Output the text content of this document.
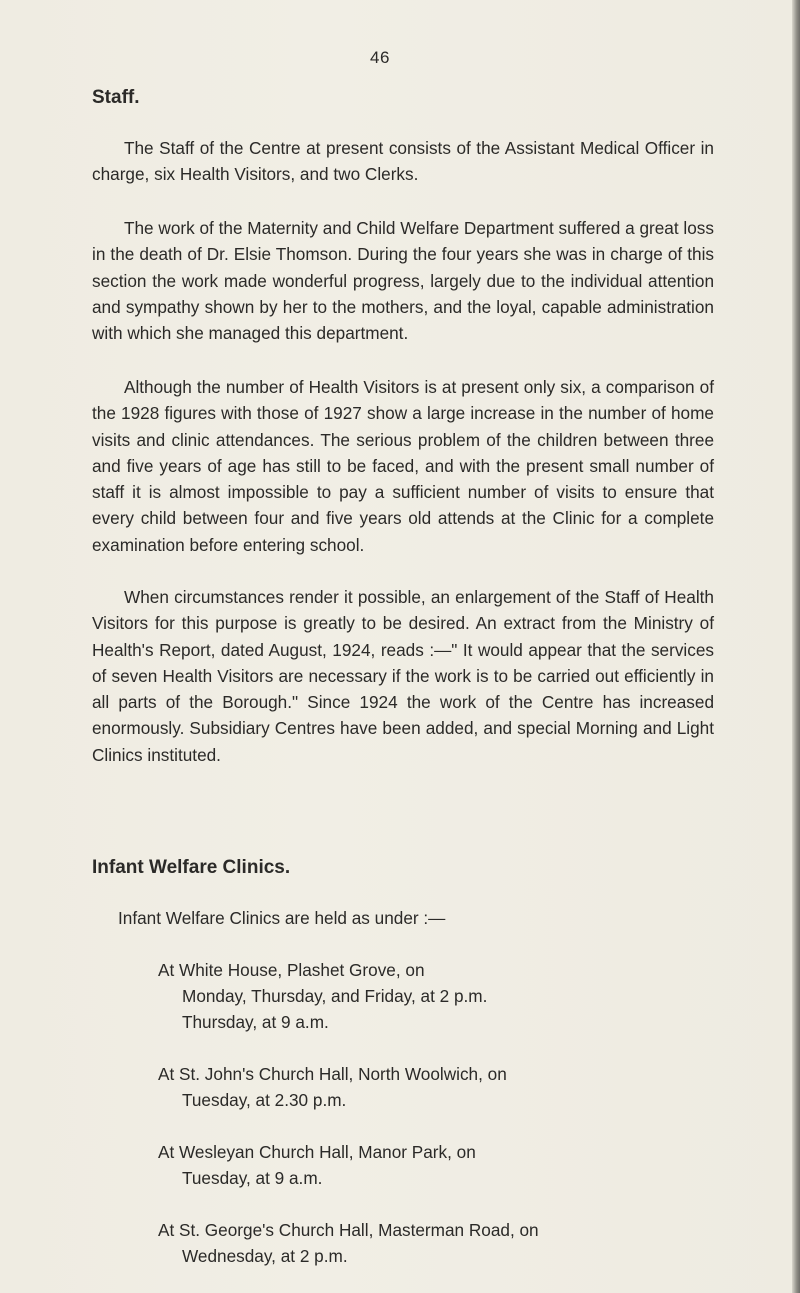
46
Staff.

The Staff of the Centre at present consists of the Assistant Medical Officer in charge, six Health Visitors, and two Clerks.

The work of the Maternity and Child Welfare Department suffered a great loss in the death of Dr. Elsie Thomson. During the four years she was in charge of this section the work made wonderful progress, largely due to the individual attention and sympathy shown by her to the mothers, and the loyal, capable administration with which she managed this department.

Although the number of Health Visitors is at present only six, a comparison of the 1928 figures with those of 1927 show a large increase in the number of home visits and clinic attendances. The serious problem of the children between three and five years of age has still to be faced, and with the present small number of staff it is almost impossible to pay a sufficient number of visits to ensure that every child between four and five years old attends at the Clinic for a complete examination before entering school.

When circumstances render it possible, an enlargement of the Staff of Health Visitors for this purpose is greatly to be desired. An extract from the Ministry of Health's Report, dated August, 1924, reads :—" It would appear that the services of seven Health Visitors are necessary if the work is to be carried out efficiently in all parts of the Borough." Since 1924 the work of the Centre has increased enormously. Subsidiary Centres have been added, and special Morning and Light Clinics instituted.

Infant Welfare Clinics.

Infant Welfare Clinics are held as under :—

At White House, Plashet Grove, on

Monday, Thursday, and Friday, at 2 p.m.

Thursday, at 9 a.m.

At St. John's Church Hall, North Woolwich, on

Tuesday, at 2.30 p.m.

At Wesleyan Church Hall, Manor Park, on

Tuesday, at 9 a.m.

At St. George's Church Hall, Masterman Road, on

Wednesday, at 2 p.m.
